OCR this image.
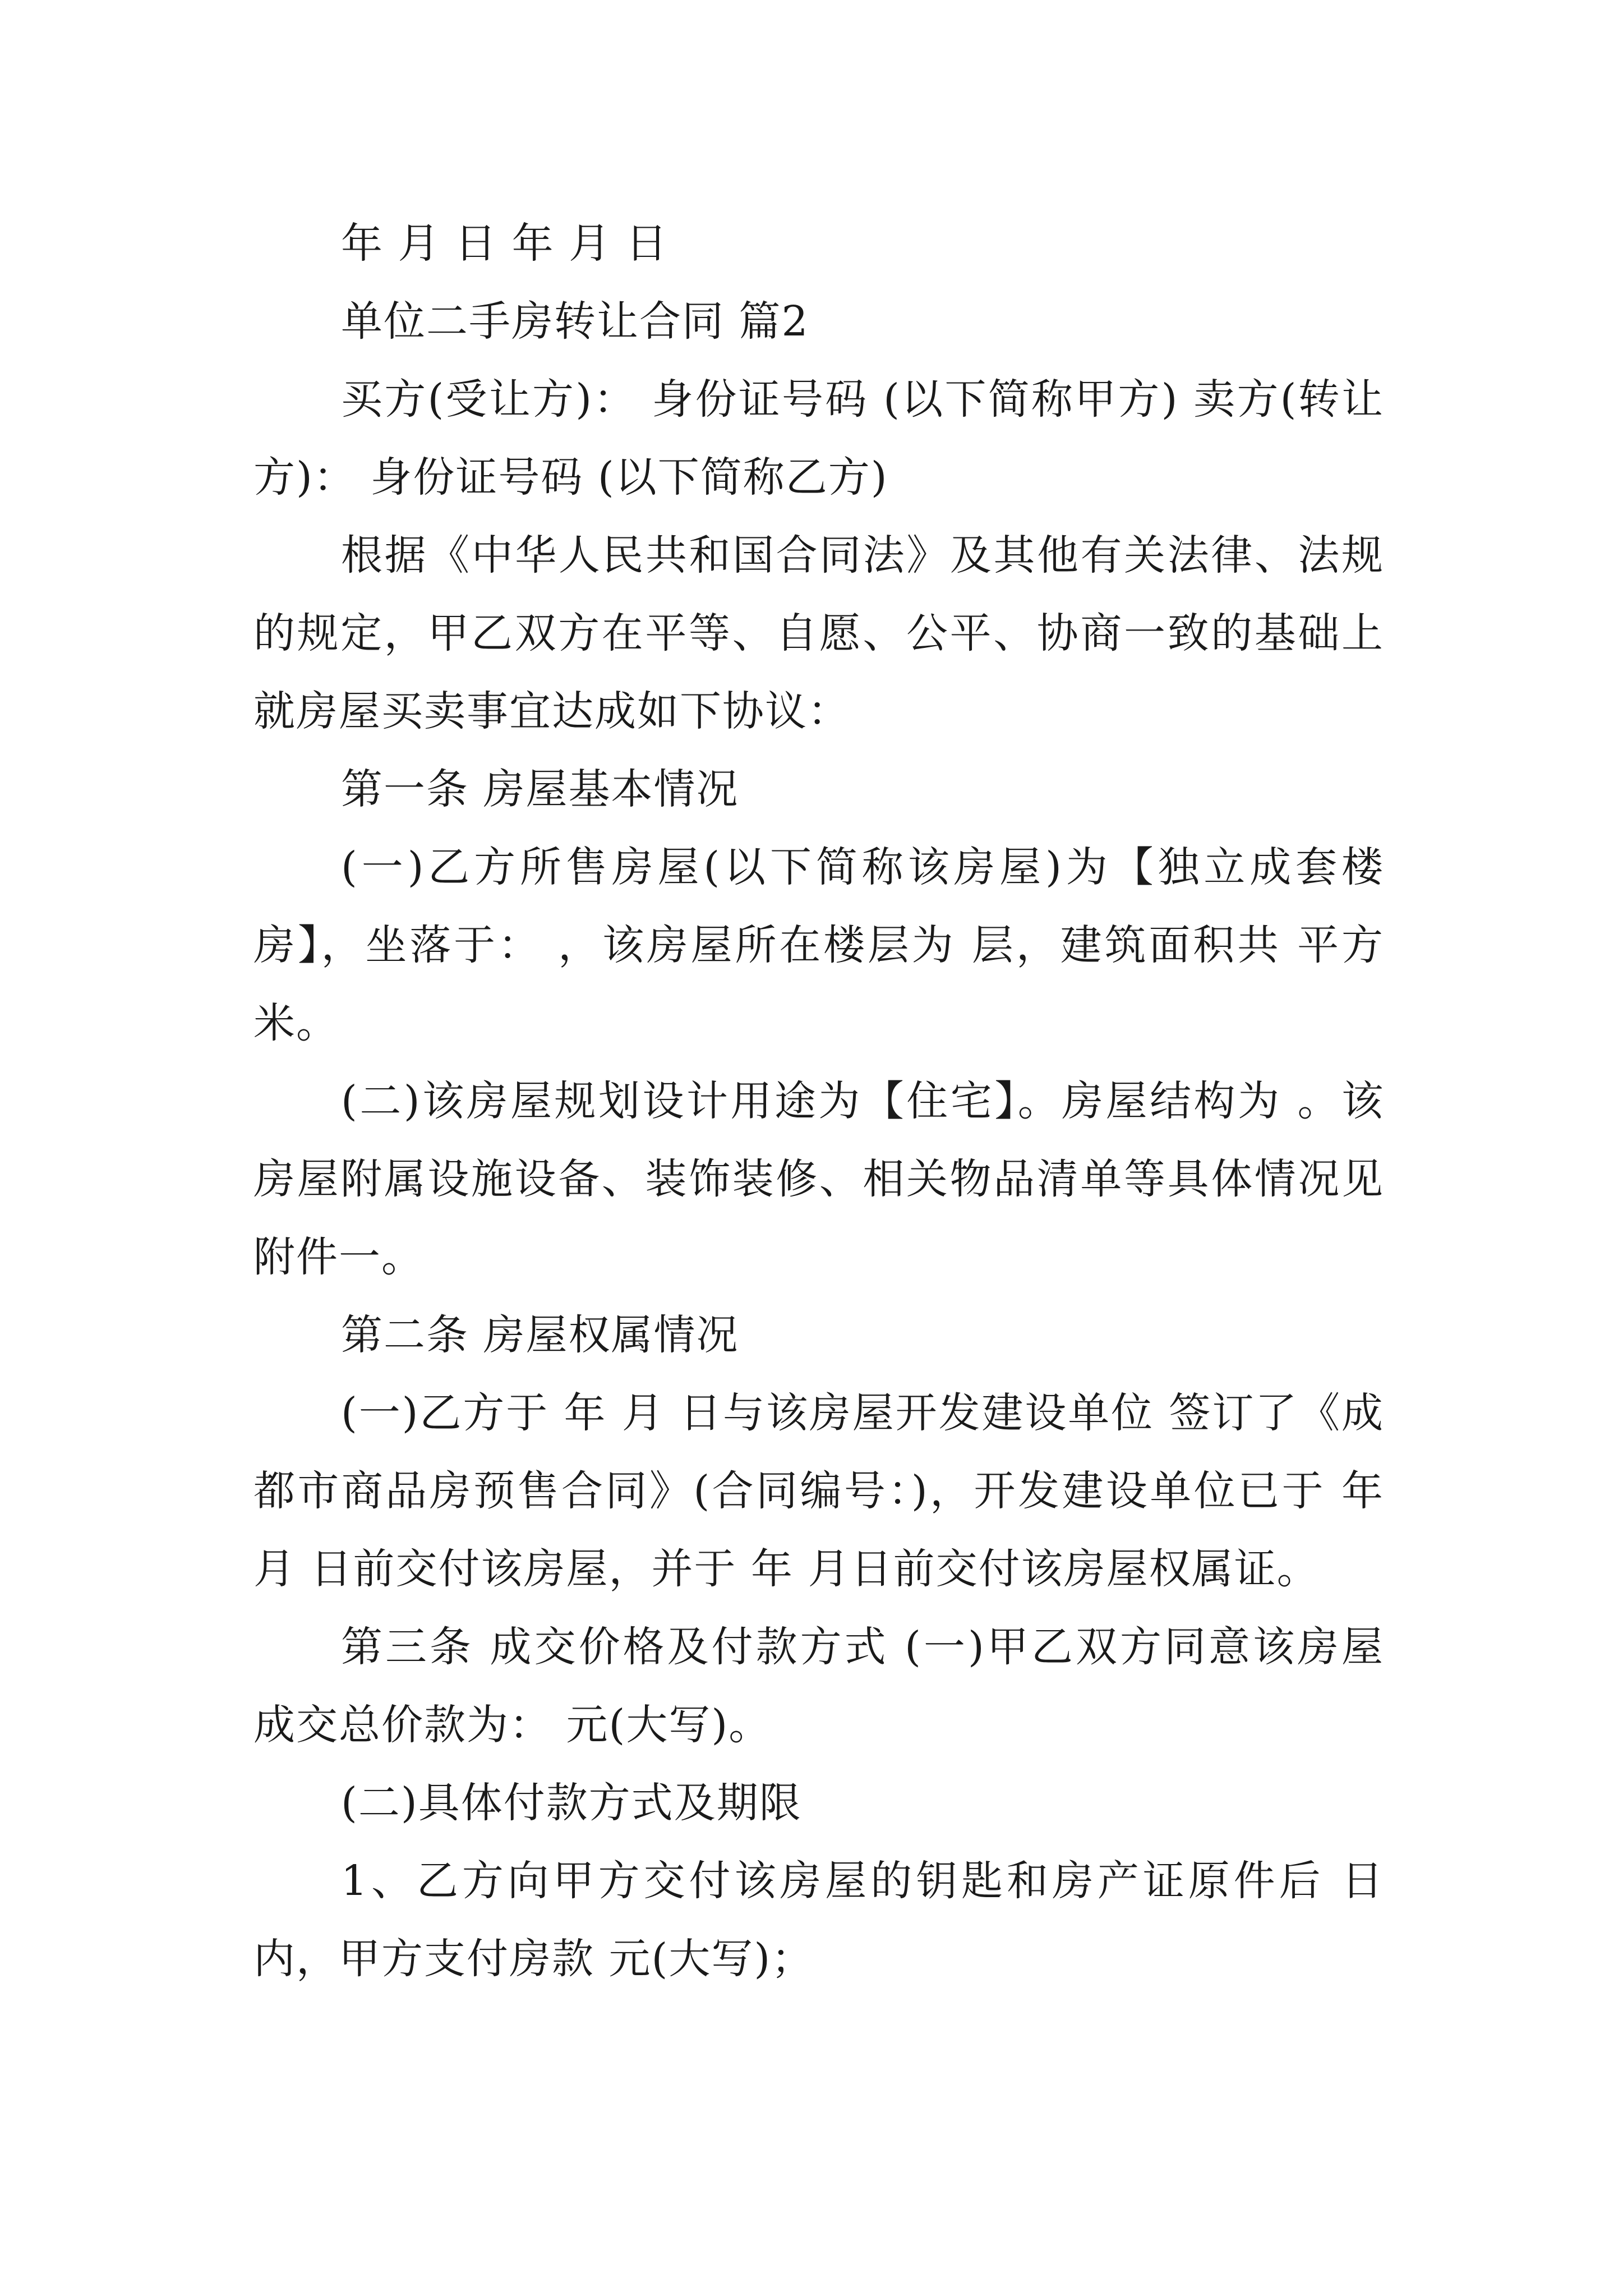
年 月 日 年 月 日

单位二手房转让合同 篇2

买方(受让方)： 身份证号码 (以下简称甲方) 卖方(转让方)： 身份证号码 (以下简称乙方)

根据《中华人民共和国合同法》及其他有关法律、法规的规定，甲乙双方在平等、自愿、公平、协商一致的基础上就房屋买卖事宜达成如下协议：

第一条 房屋基本情况

(一)乙方所售房屋(以下简称该房屋)为【独立成套楼房】，坐落于： ，该房屋所在楼层为 层，建筑面积共 平方米。

(二)该房屋规划设计用途为【住宅】。房屋结构为 。该房屋附属设施设备、装饰装修、相关物品清单等具体情况见附件一。

第二条 房屋权属情况

(一)乙方于 年 月 日与该房屋开发建设单位 签订了《成都市商品房预售合同》(合同编号：)，开发建设单位已于 年 月 日前交付该房屋，并于 年 月日前交付该房屋权属证。

第三条 成交价格及付款方式 (一)甲乙双方同意该房屋成交总价款为： 元(大写)。

(二)具体付款方式及期限

1、乙方向甲方交付该房屋的钥匙和房产证原件后 日内，甲方支付房款 元(大写)；
